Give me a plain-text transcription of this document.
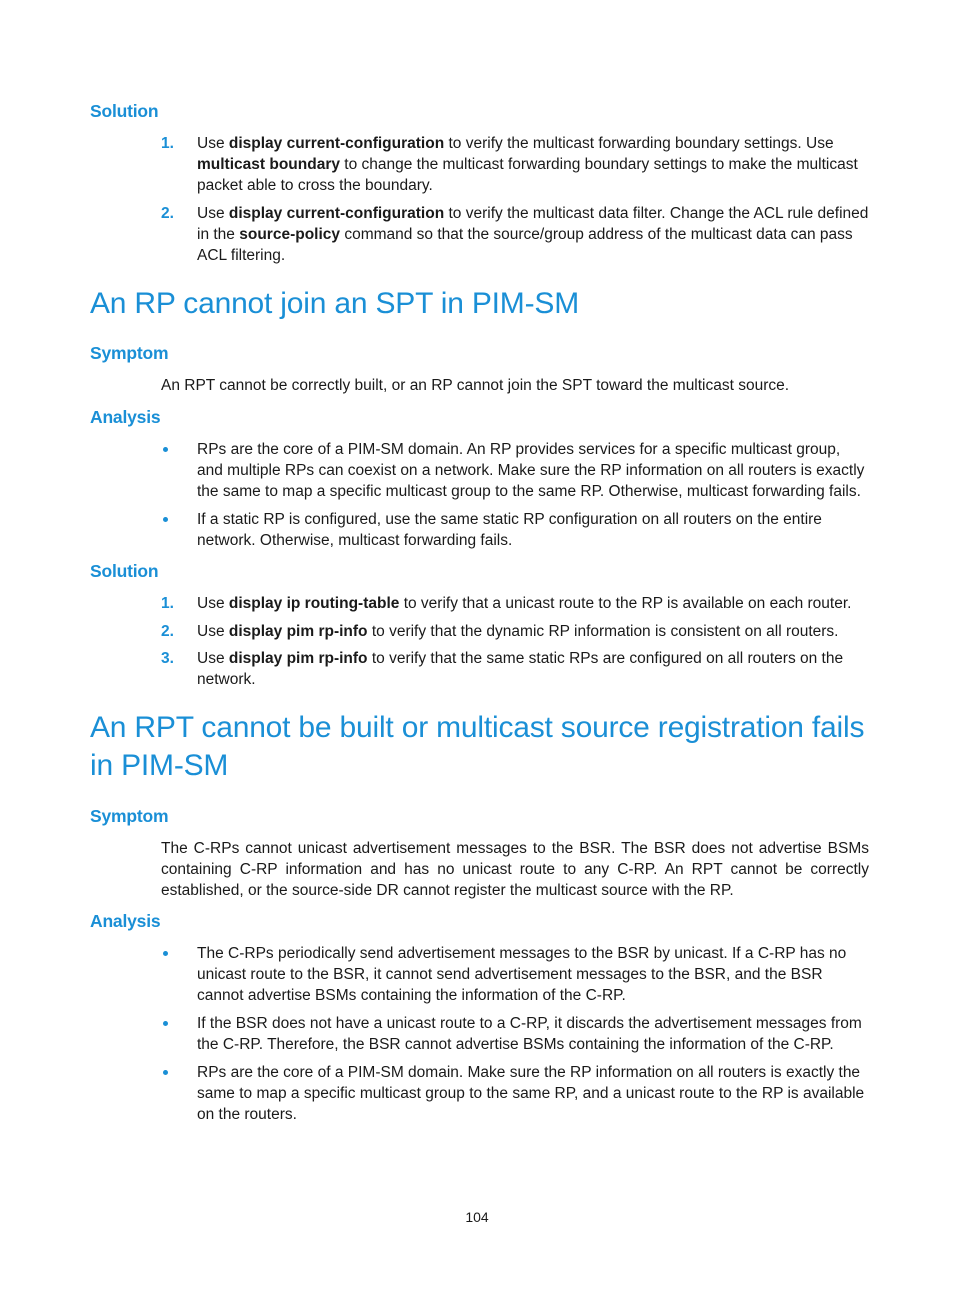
Solution
1. Use display current-configuration to verify the multicast forwarding boundary settings. Use multicast boundary to change the multicast forwarding boundary settings to make the multicast packet able to cross the boundary.
2. Use display current-configuration to verify the multicast data filter. Change the ACL rule defined in the source-policy command so that the source/group address of the multicast data can pass ACL filtering.
An RP cannot join an SPT in PIM-SM
Symptom

An RPT cannot be correctly built, or an RP cannot join the SPT toward the multicast source.

Analysis
RPs are the core of a PIM-SM domain. An RP provides services for a specific multicast group, and multiple RPs can coexist on a network. Make sure the RP information on all routers is exactly the same to map a specific multicast group to the same RP. Otherwise, multicast forwarding fails.
If a static RP is configured, use the same static RP configuration on all routers on the entire network. Otherwise, multicast forwarding fails.
Solution
1. Use display ip routing-table to verify that a unicast route to the RP is available on each router.
2. Use display pim rp-info to verify that the dynamic RP information is consistent on all routers.
3. Use display pim rp-info to verify that the same static RPs are configured on all routers on the network.
An RPT cannot be built or multicast source registration fails in PIM-SM
Symptom

The C-RPs cannot unicast advertisement messages to the BSR. The BSR does not advertise BSMs containing C-RP information and has no unicast route to any C-RP. An RPT cannot be correctly established, or the source-side DR cannot register the multicast source with the RP.

Analysis
The C-RPs periodically send advertisement messages to the BSR by unicast. If a C-RP has no unicast route to the BSR, it cannot send advertisement messages to the BSR, and the BSR cannot advertise BSMs containing the information of the C-RP.
If the BSR does not have a unicast route to a C-RP, it discards the advertisement messages from the C-RP. Therefore, the BSR cannot advertise BSMs containing the information of the C-RP.
RPs are the core of a PIM-SM domain. Make sure the RP information on all routers is exactly the same to map a specific multicast group to the same RP, and a unicast route to the RP is available on the routers.
104
